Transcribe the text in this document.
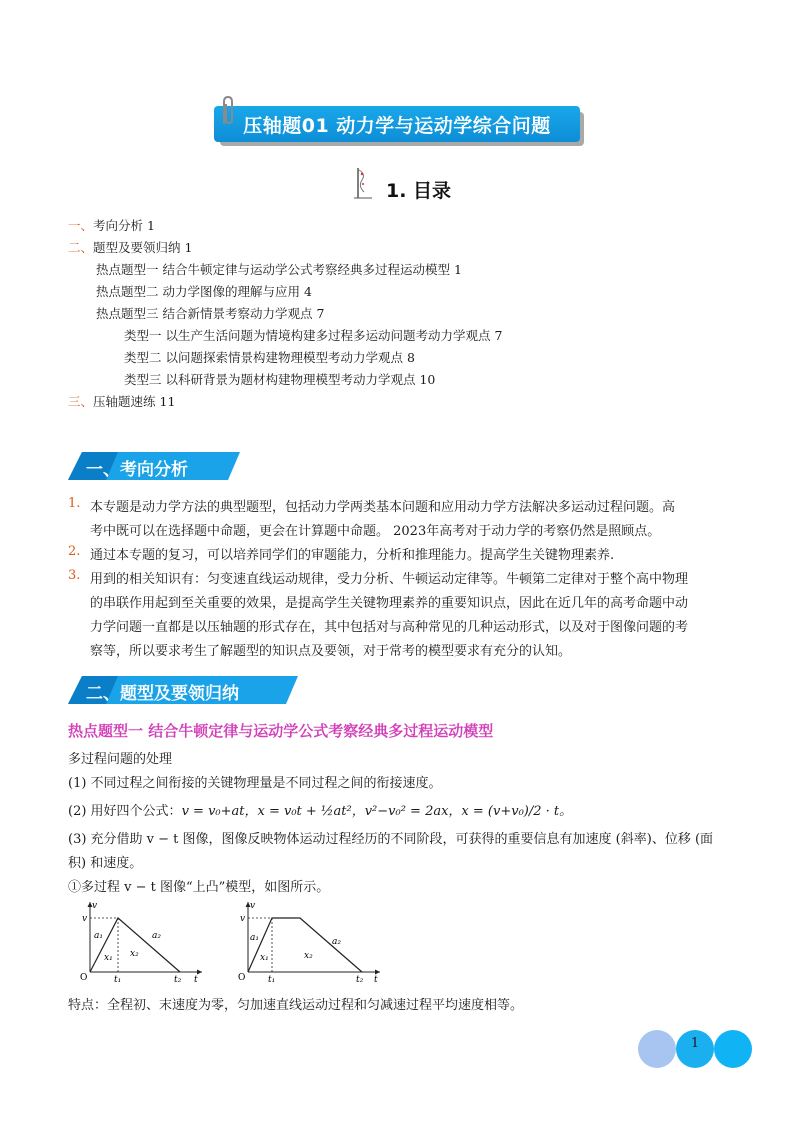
压轴题01 动力学与运动学综合问题
1. 目录
一、考向分析 1
二、题型及要领归纳 1
热点题型一 结合牛顿定律与运动学公式考察经典多过程运动模型 1
热点题型二 动力学图像的理解与应用 4
热点题型三 结合新情景考察动力学观点 7
类型一 以生产生活问题为情境构建多过程多运动问题考动力学观点 7
类型二 以问题探索情景构建物理模型考动力学观点 8
类型三 以科研背景为题材构建物理模型考动力学观点 10
三、压轴题速练 11
一、考向分析
1. 本专题是动力学方法的典型题型，包括动力学两类基本问题和应用动力学方法解决多运动过程问题。高
考中既可以在选择题中命题，更会在计算题中命题。 2023年高考对于动力学的考察仍然是照顾点。
2. 通过本专题的复习，可以培养同学们的审题能力，分析和推理能力。提高学生关键物理素养.
3. 用到的相关知识有：匀变速直线运动规律，受力分析、牛顿运动定律等。牛顿第二定律对于整个高中物理
的串联作用起到至关重要的效果，是提高学生关键物理素养的重要知识点，因此在近几年的高考命题中动
力学问题一直都是以压轴题的形式存在，其中包括对与高种常见的几种运动形式，以及对于图像问题的考
察等，所以要求考生了解题型的知识点及要领，对于常考的模型要求有充分的认知。
二、题型及要领归纳
热点题型一 结合牛顿定律与运动学公式考察经典多过程运动模型
多过程问题的处理
(1) 不同过程之间衔接的关键物理量是不同过程之间的衔接速度。
(2) 用好四个公式：v = v₀+at，x = v₀t + ½at²，v²−v₀² = 2ax，x = (v+v₀)/2 · t。
(3) 充分借助 v − t 图像，图像反映物体运动过程经历的不同阶段，可获得的重要信息有加速度 (斜率)、位移 (面
积) 和速度。
①多过程 v − t 图像“上凸”模型，如图所示。
v
v
O	t₁	t₂ t
a₁	a₂
x₁ x₂
v
v
O	t₁	t₂ t
a₁	a₂
x₁	x₂
特点：全程初、末速度为零，匀加速直线运动过程和匀减速过程平均速度相等。
1
